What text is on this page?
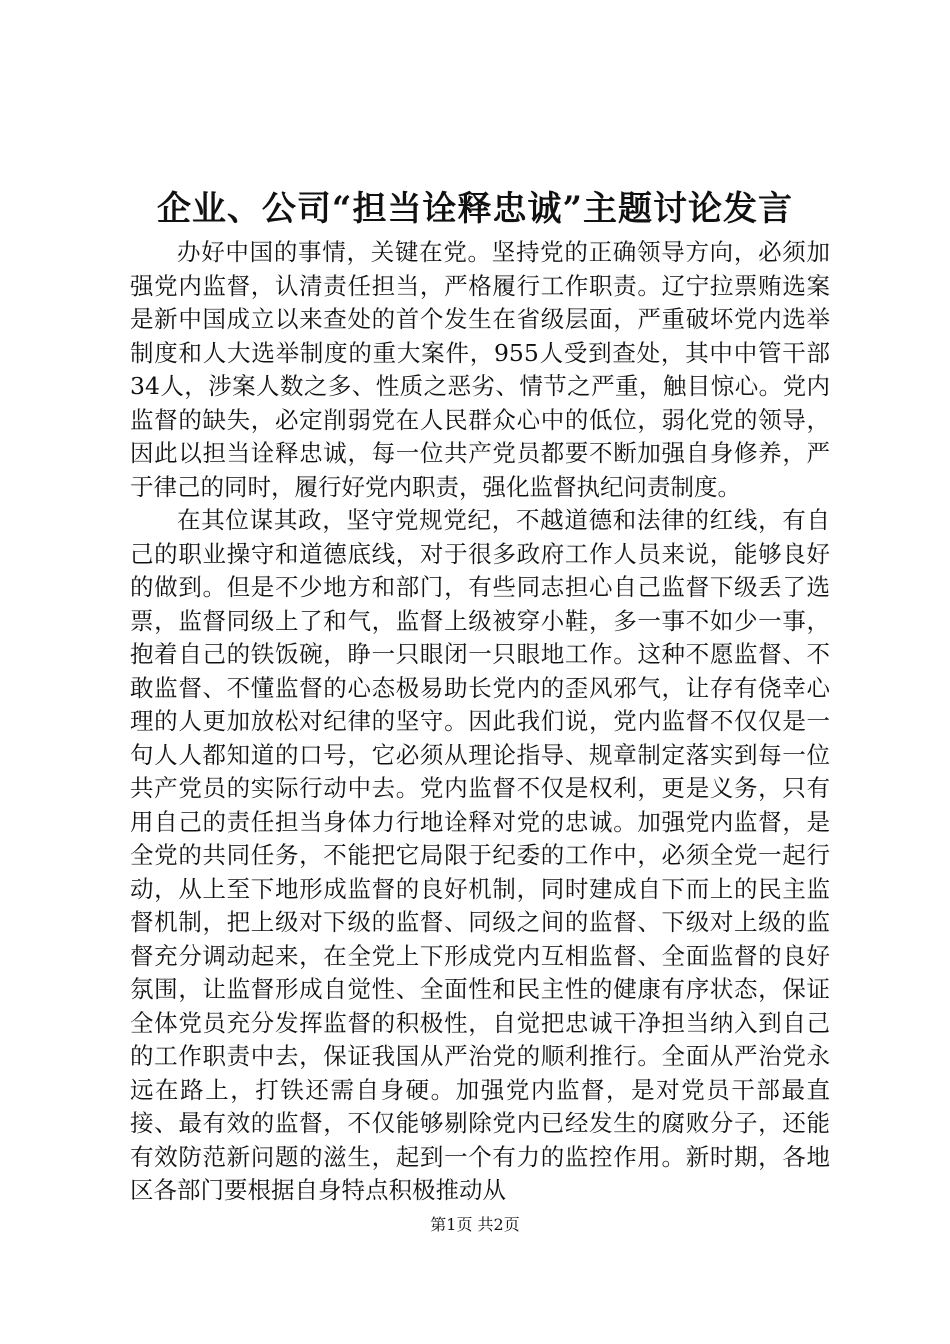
企业、公司“担当诠释忠诚”主题讨论发言

办好中国的事情，关键在党。坚持党的正确领导方向，必须加强党内监督，认清责任担当，严格履行工作职责。辽宁拉票贿选案是新中国成立以来查处的首个发生在省级层面，严重破坏党内选举制度和人大选举制度的重大案件，955人受到查处，其中中管干部34人，涉案人数之多、性质之恶劣、情节之严重，触目惊心。党内监督的缺失，必定削弱党在人民群众心中的低位，弱化党的领导，因此以担当诠释忠诚，每一位共产党员都要不断加强自身修养，严于律己的同时，履行好党内职责，强化监督执纪问责制度。

在其位谋其政，坚守党规党纪，不越道德和法律的红线，有自己的职业操守和道德底线，对于很多政府工作人员来说，能够良好的做到。但是不少地方和部门，有些同志担心自己监督下级丢了选票，监督同级上了和气，监督上级被穿小鞋，多一事不如少一事，抱着自己的铁饭碗，睁一只眼闭一只眼地工作。这种不愿监督、不敢监督、不懂监督的心态极易助长党内的歪风邪气，让存有侥幸心理的人更加放松对纪律的坚守。因此我们说，党内监督不仅仅是一句人人都知道的口号，它必须从理论指导、规章制定落实到每一位共产党员的实际行动中去。党内监督不仅是权利，更是义务，只有用自己的责任担当身体力行地诠释对党的忠诚。加强党内监督，是全党的共同任务，不能把它局限于纪委的工作中，必须全党一起行动，从上至下地形成监督的良好机制，同时建成自下而上的民主监督机制，把上级对下级的监督、同级之间的监督、下级对上级的监督充分调动起来，在全党上下形成党内互相监督、全面监督的良好氛围，让监督形成自觉性、全面性和民主性的健康有序状态，保证全体党员充分发挥监督的积极性，自觉把忠诚干净担当纳入到自己的工作职责中去，保证我国从严治党的顺利推行。全面从严治党永远在路上，打铁还需自身硬。加强党内监督，是对党员干部最直接、最有效的监督，不仅能够剔除党内已经发生的腐败分子，还能有效防范新问题的滋生，起到一个有力的监控作用。新时期，各地区各部门要根据自身特点积极推动从

第1页 共2页
